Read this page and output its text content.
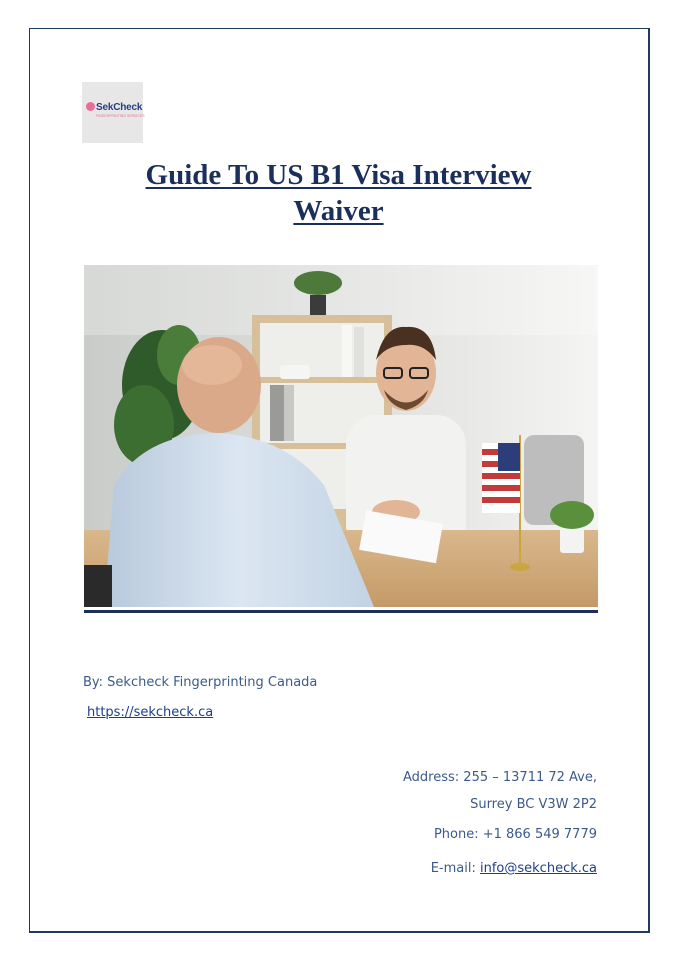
SekCheck
FINGERPRINTING SERVICES
Guide To US B1 Visa Interview
Waiver
By: Sekcheck Fingerprinting Canada
https://sekcheck.ca
Address: 255 – 13711 72 Ave,
Surrey BC V3W 2P2
Phone: +1 866 549 7779
E-mail: info@sekcheck.ca
